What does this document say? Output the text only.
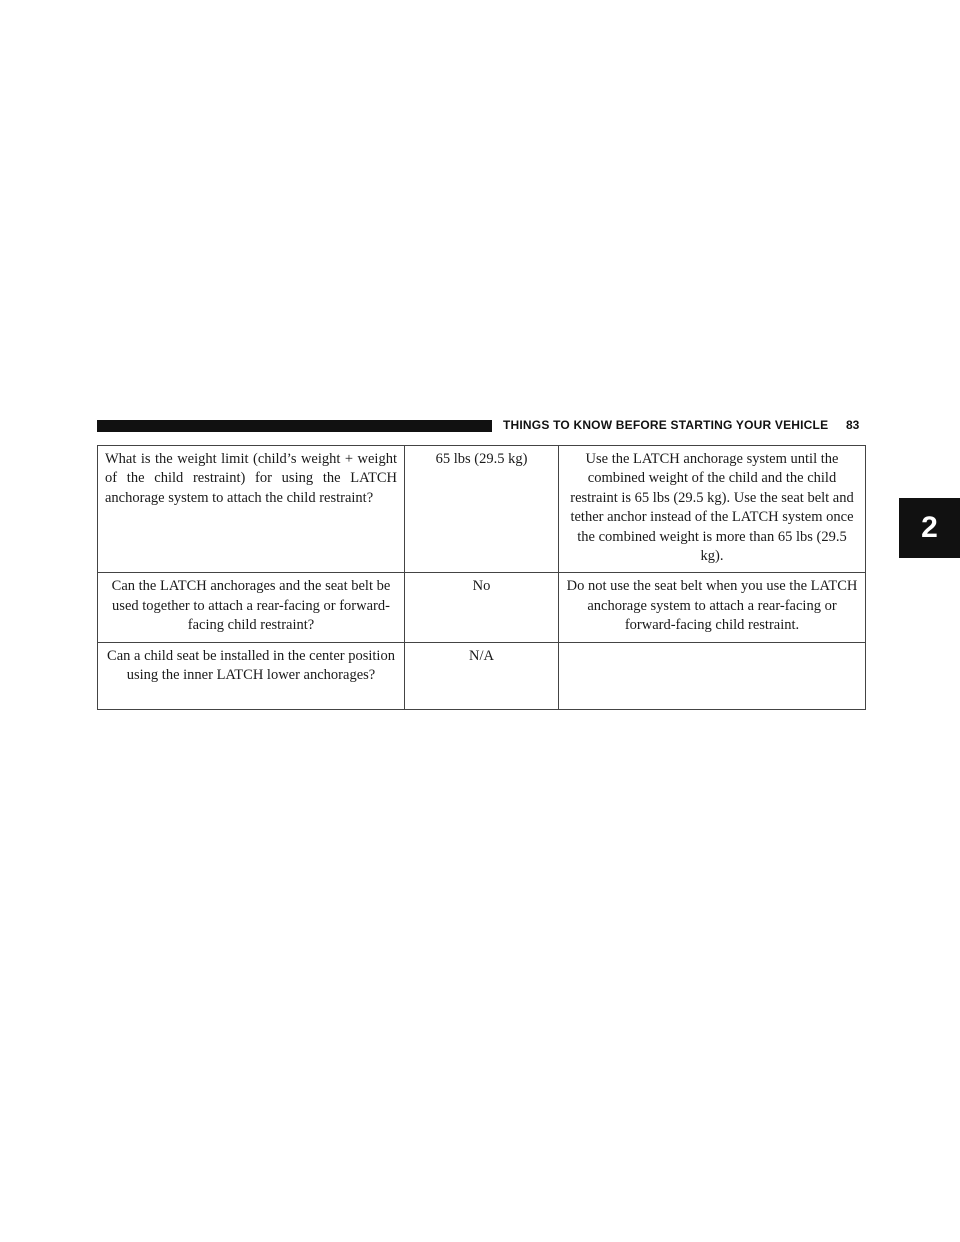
THINGS TO KNOW BEFORE STARTING YOUR VEHICLE 83
2
What is the weight limit (child’s weight + weight of the child restraint) for using the LATCH anchorage system to attach the child restraint?	65 lbs (29.5 kg)	Use the LATCH anchorage system until the combined weight of the child and the child restraint is 65 lbs (29.5 kg). Use the seat belt and tether anchor instead of the LATCH system once the combined weight is more than 65 lbs (29.5 kg).
Can the LATCH anchorages and the seat belt be used together to attach a rear-facing or forward-facing child restraint?	No	Do not use the seat belt when you use the LATCH anchorage system to attach a rear-facing or forward-facing child restraint.
Can a child seat be installed in the center position using the inner LATCH lower anchorages?	N/A	
